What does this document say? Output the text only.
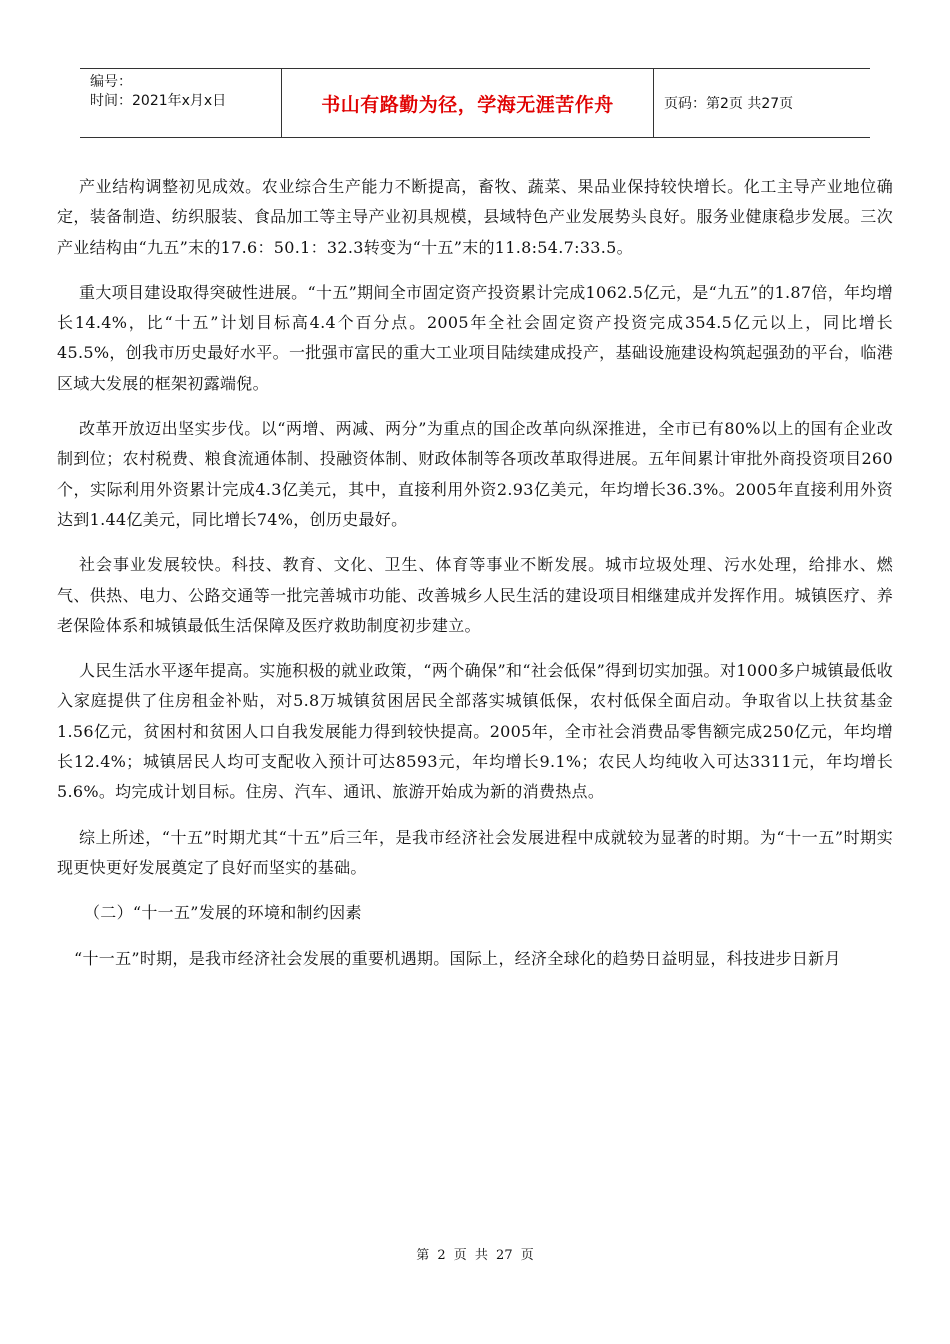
编号：
时间：2021年x月x日	书山有路勤为径，学海无涯苦作舟	页码：第2页 共27页

产业结构调整初见成效。农业综合生产能力不断提高，畜牧、蔬菜、果品业保持较快增长。化工主导产业地位确定，装备制造、纺织服装、食品加工等主导产业初具规模，县域特色产业发展势头良好。服务业健康稳步发展。三次产业结构由“九五”末的17.6：50.1：32.3转变为“十五”末的11.8:54.7:33.5。

重大项目建设取得突破性进展。“十五”期间全市固定资产投资累计完成1062.5亿元，是“九五”的1.87倍，年均增长14.4%，比“十五”计划目标高4.4个百分点。2005年全社会固定资产投资完成354.5亿元以上，同比增长45.5%，创我市历史最好水平。一批强市富民的重大工业项目陆续建成投产，基础设施建设构筑起强劲的平台，临港区域大发展的框架初露端倪。

改革开放迈出坚实步伐。以“两增、两减、两分”为重点的国企改革向纵深推进，全市已有80%以上的国有企业改制到位；农村税费、粮食流通体制、投融资体制、财政体制等各项改革取得进展。五年间累计审批外商投资项目260个，实际利用外资累计完成4.3亿美元，其中，直接利用外资2.93亿美元，年均增长36.3%。2005年直接利用外资达到1.44亿美元，同比增长74%，创历史最好。

社会事业发展较快。科技、教育、文化、卫生、体育等事业不断发展。城市垃圾处理、污水处理，给排水、燃气、供热、电力、公路交通等一批完善城市功能、改善城乡人民生活的建设项目相继建成并发挥作用。城镇医疗、养老保险体系和城镇最低生活保障及医疗救助制度初步建立。

人民生活水平逐年提高。实施积极的就业政策，“两个确保”和“社会低保”得到切实加强。对1000多户城镇最低收入家庭提供了住房租金补贴，对5.8万城镇贫困居民全部落实城镇低保，农村低保全面启动。争取省以上扶贫基金1.56亿元，贫困村和贫困人口自我发展能力得到较快提高。2005年，全市社会消费品零售额完成250亿元，年均增长12.4%；城镇居民人均可支配收入预计可达8593元，年均增长9.1%；农民人均纯收入可达3311元，年均增长5.6%。均完成计划目标。住房、汽车、通讯、旅游开始成为新的消费热点。

综上所述，“十五”时期尤其“十五”后三年，是我市经济社会发展进程中成就较为显著的时期。为“十一五”时期实现更快更好发展奠定了良好而坚实的基础。

（二）“十一五”发展的环境和制约因素

“十一五”时期，是我市经济社会发展的重要机遇期。国际上，经济全球化的趋势日益明显，科技进步日新月

第 2 页 共 27 页
